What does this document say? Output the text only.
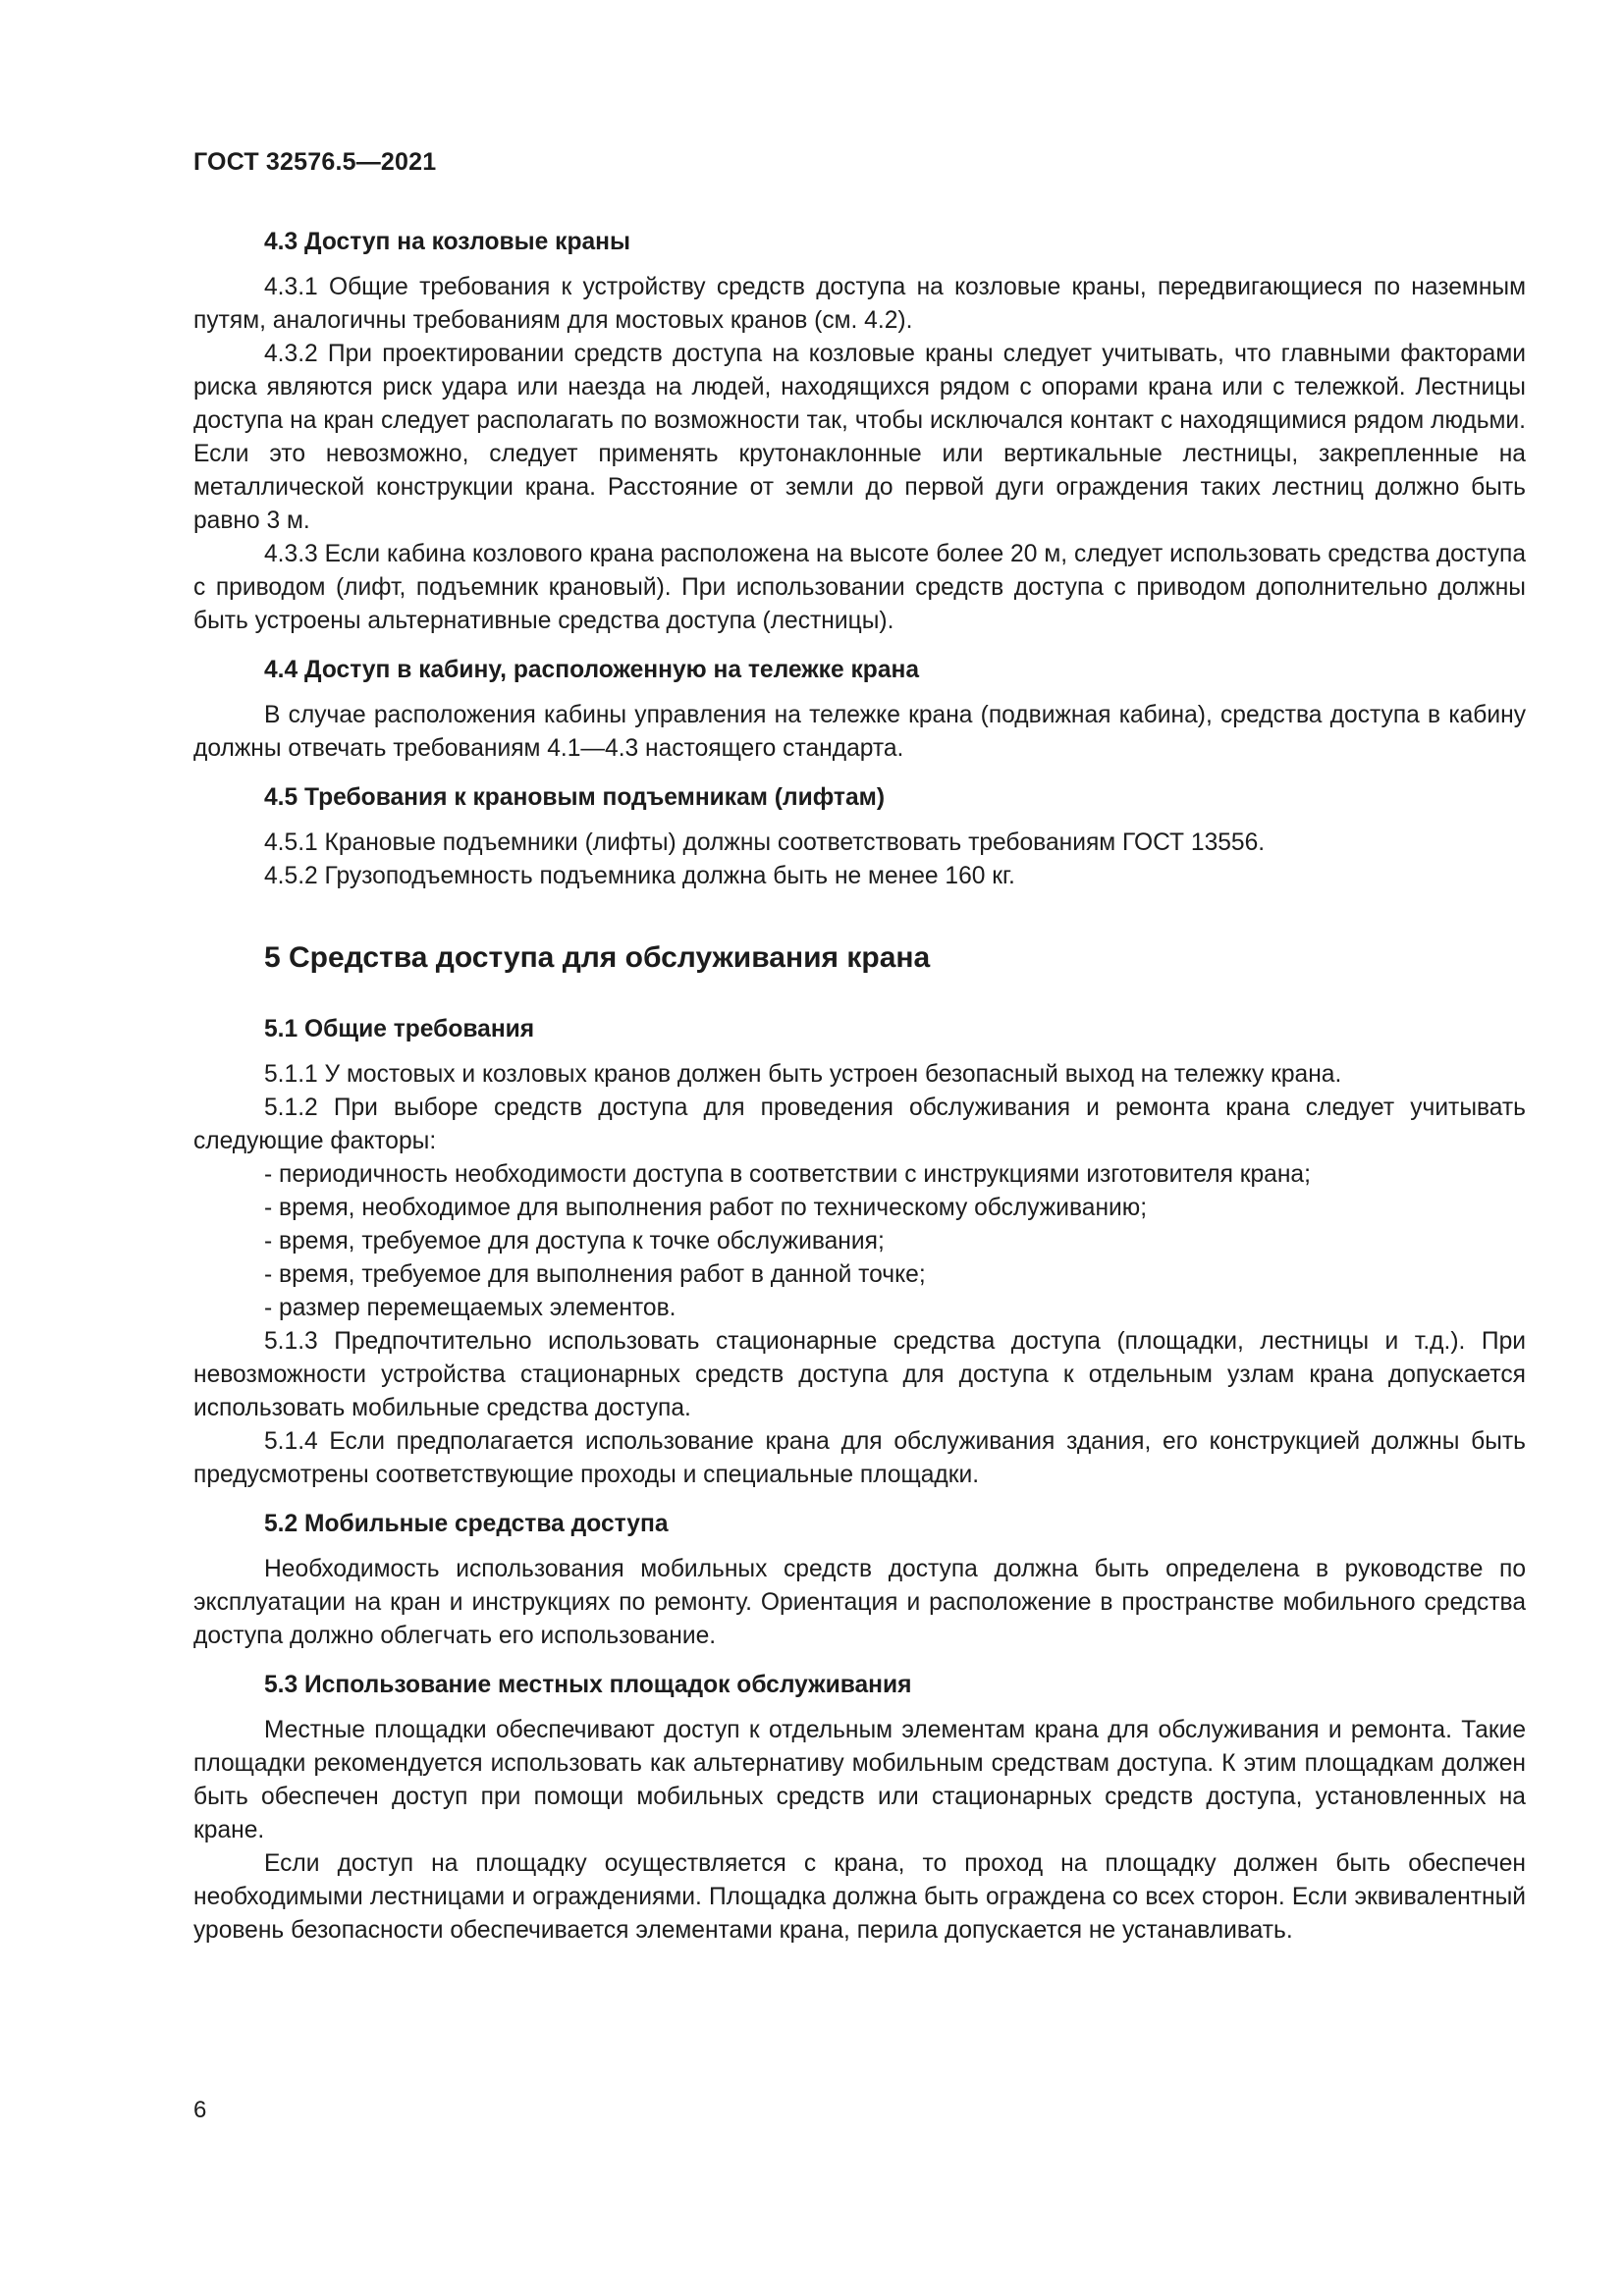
ГОСТ 32576.5—2021

4.3 Доступ на козловые краны

4.3.1 Общие требования к устройству средств доступа на козловые краны, передвигающиеся по наземным путям, аналогичны требованиям для мостовых кранов (см. 4.2).

4.3.2 При проектировании средств доступа на козловые краны следует учитывать, что главными факторами риска являются риск удара или наезда на людей, находящихся рядом с опорами крана или с тележкой. Лестницы доступа на кран следует располагать по возможности так, чтобы исключался контакт с находящимися рядом людьми. Если это невозможно, следует применять крутонаклонные или вертикальные лестницы, закрепленные на металлической конструкции крана. Расстояние от земли до первой дуги ограждения таких лестниц должно быть равно 3 м.

4.3.3 Если кабина козлового крана расположена на высоте более 20 м, следует использовать средства доступа с приводом (лифт, подъемник крановый). При использовании средств доступа с приводом дополнительно должны быть устроены альтернативные средства доступа (лестницы).

4.4 Доступ в кабину, расположенную на тележке крана

В случае расположения кабины управления на тележке крана (подвижная кабина), средства доступа в кабину должны отвечать требованиям 4.1—4.3 настоящего стандарта.

4.5 Требования к крановым подъемникам (лифтам)

4.5.1 Крановые подъемники (лифты) должны соответствовать требованиям ГОСТ 13556.

4.5.2 Грузоподъемность подъемника должна быть не менее 160 кг.

5 Средства доступа для обслуживания крана

5.1 Общие требования

5.1.1 У мостовых и козловых кранов должен быть устроен безопасный выход на тележку крана.

5.1.2 При выборе средств доступа для проведения обслуживания и ремонта крана следует учитывать следующие факторы:

- периодичность необходимости доступа в соответствии с инструкциями изготовителя крана;

- время, необходимое для выполнения работ по техническому обслуживанию;

- время, требуемое для доступа к точке обслуживания;

- время, требуемое для выполнения работ в данной точке;

- размер перемещаемых элементов.

5.1.3 Предпочтительно использовать стационарные средства доступа (площадки, лестницы и т.д.). При невозможности устройства стационарных средств доступа для доступа к отдельным узлам крана допускается использовать мобильные средства доступа.

5.1.4 Если предполагается использование крана для обслуживания здания, его конструкцией должны быть предусмотрены соответствующие проходы и специальные площадки.

5.2 Мобильные средства доступа

Необходимость использования мобильных средств доступа должна быть определена в руководстве по эксплуатации на кран и инструкциях по ремонту. Ориентация и расположение в пространстве мобильного средства доступа должно облегчать его использование.

5.3 Использование местных площадок обслуживания

Местные площадки обеспечивают доступ к отдельным элементам крана для обслуживания и ремонта. Такие площадки рекомендуется использовать как альтернативу мобильным средствам доступа. К этим площадкам должен быть обеспечен доступ при помощи мобильных средств или стационарных средств доступа, установленных на кране.

Если доступ на площадку осуществляется с крана, то проход на площадку должен быть обеспечен необходимыми лестницами и ограждениями. Площадка должна быть ограждена со всех сторон. Если эквивалентный уровень безопасности обеспечивается элементами крана, перила допускается не устанавливать.

6
